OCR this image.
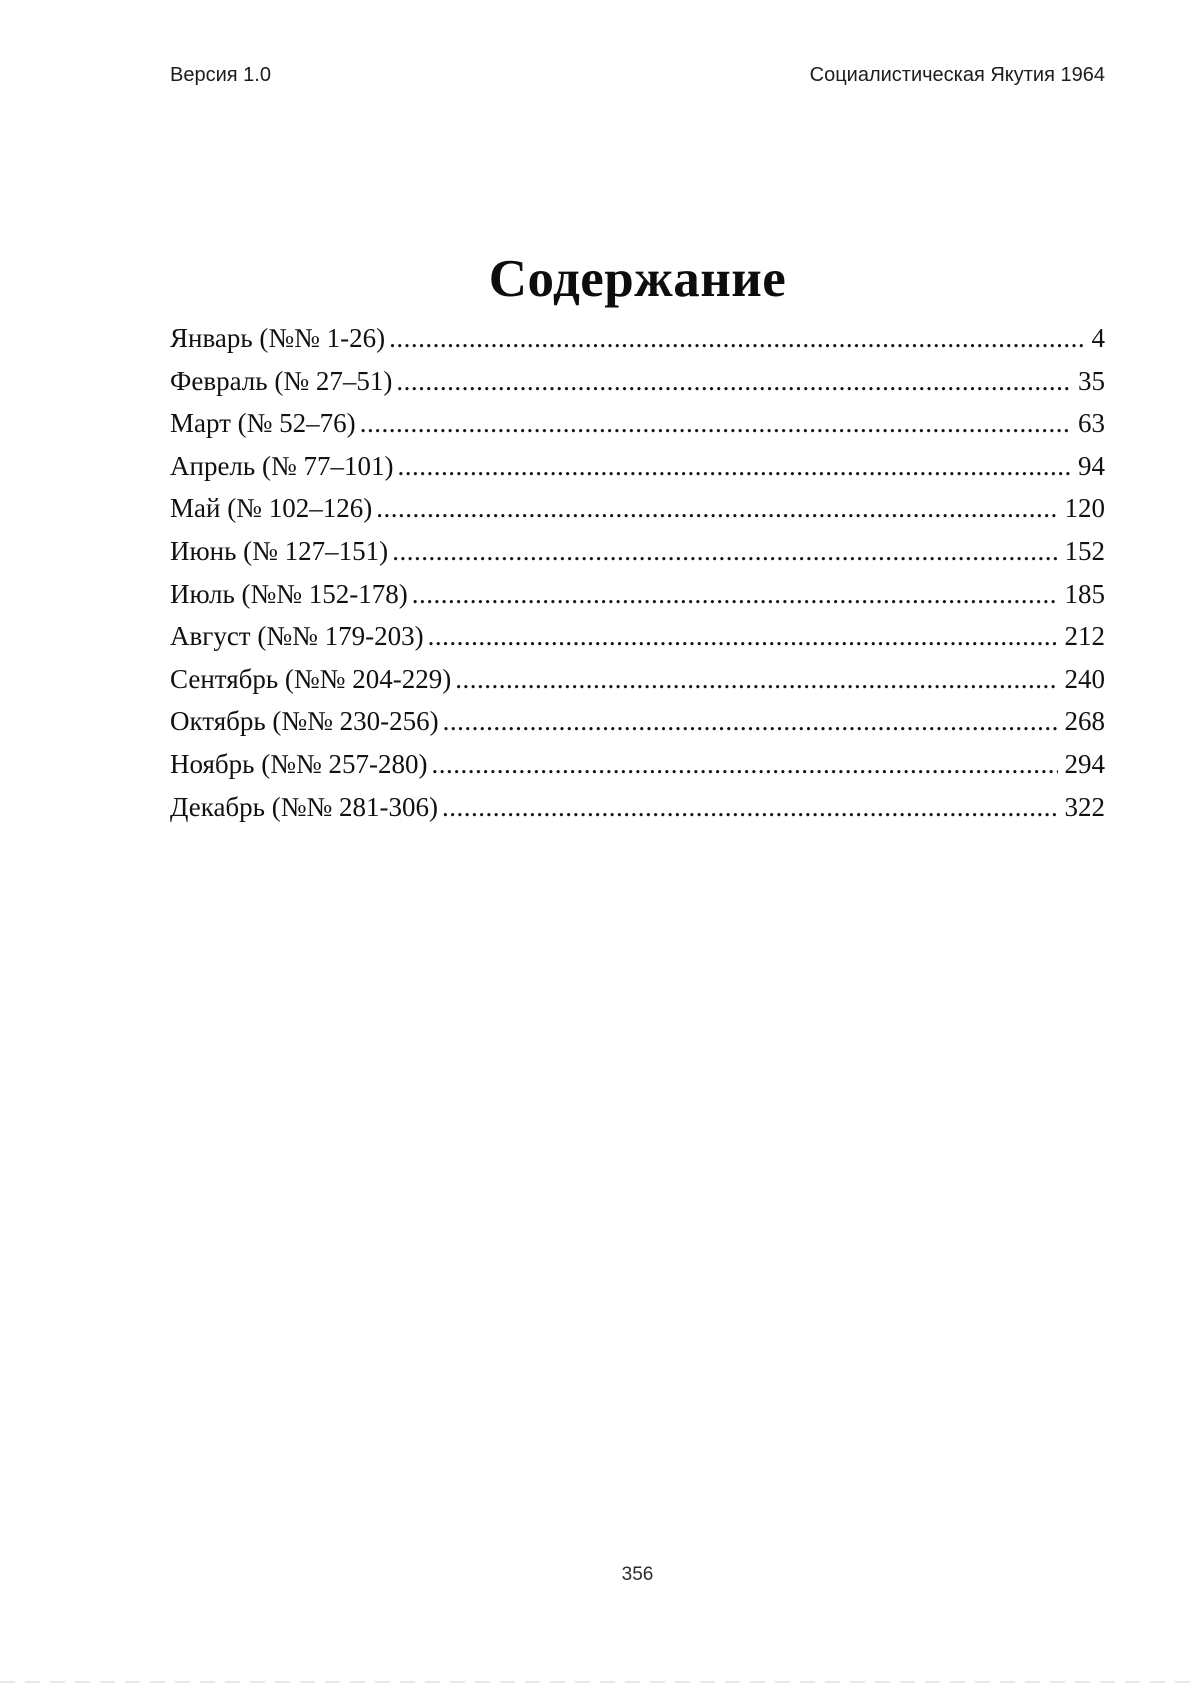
Версия 1.0	Социалистическая Якутия 1964
Содержание
Январь (№№ 1-26) .....	4
Февраль (№ 27–51) .....	35
Март (№ 52–76) .....	63
Апрель (№ 77–101) .....	94
Май (№ 102–126) .....	120
Июнь (№ 127–151) .....	152
Июль (№№ 152-178) .....	185
Август (№№ 179-203) .....	212
Сентябрь (№№ 204-229) .....	240
Октябрь (№№ 230-256) .....	268
Ноябрь (№№ 257-280) .....	294
Декабрь (№№ 281-306) .....	322
356
